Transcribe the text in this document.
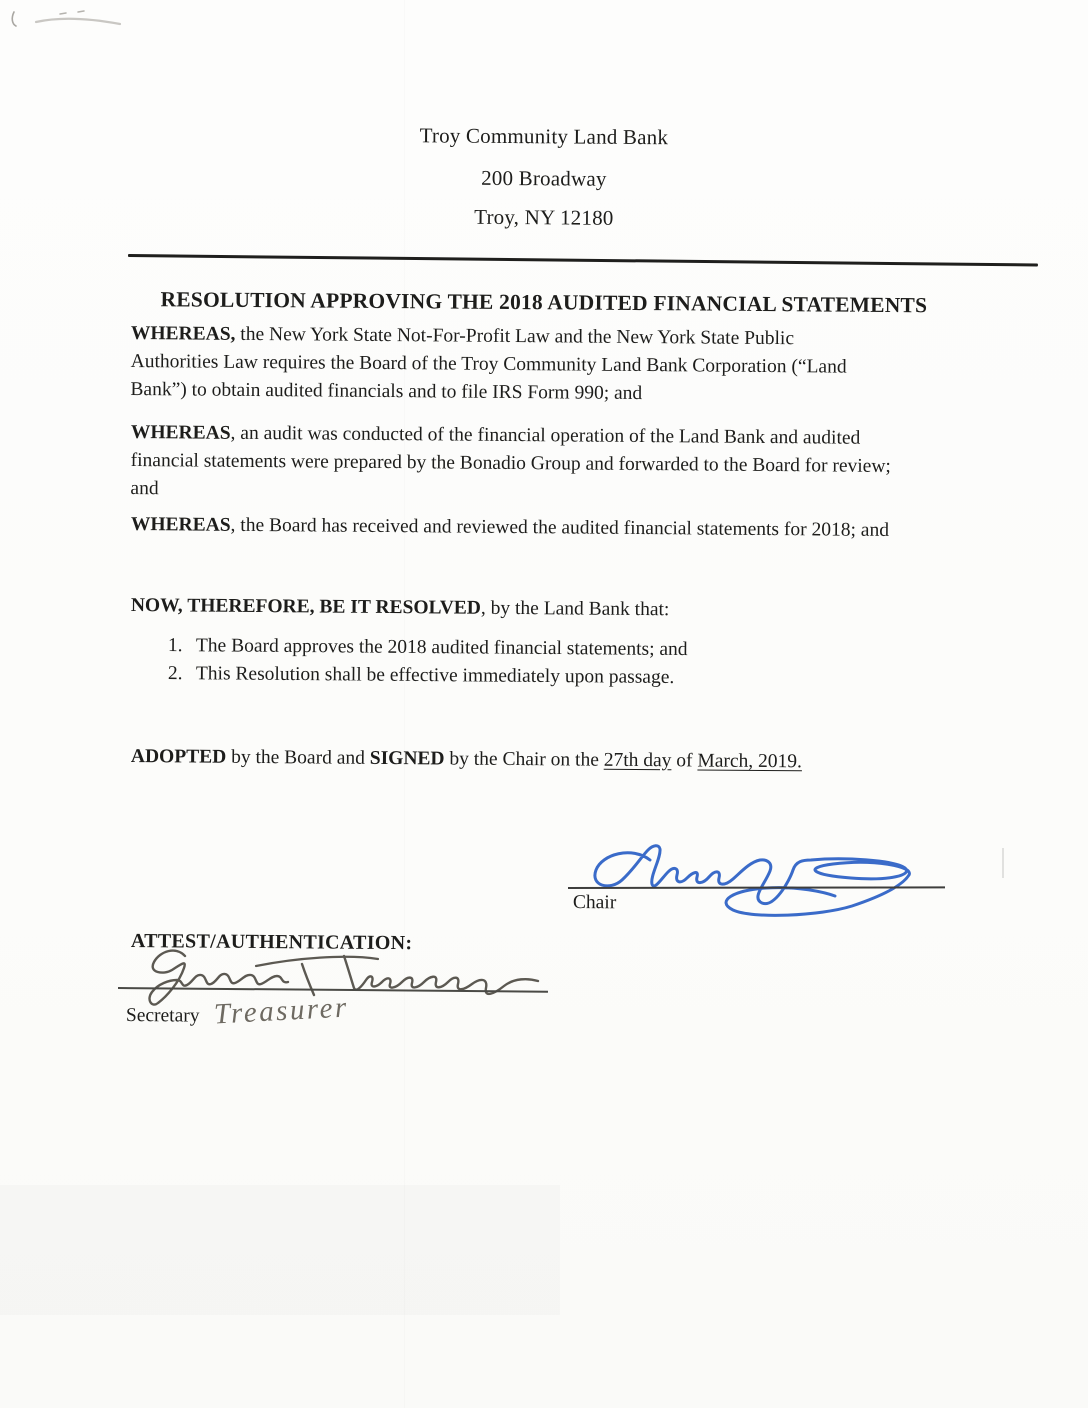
Troy Community Land Bank
200 Broadway
Troy, NY 12180
RESOLUTION APPROVING THE 2018 AUDITED FINANCIAL STATEMENTS
WHEREAS, the New York State Not-For-Profit Law and the New York State Public
Authorities Law requires the Board of the Troy Community Land Bank Corporation (“Land
Bank”) to obtain audited financials and to file IRS Form 990; and
WHEREAS, an audit was conducted of the financial operation of the Land Bank and audited
financial statements were prepared by the Bonadio Group and forwarded to the Board for review;
and
WHEREAS, the Board has received and reviewed the audited financial statements for 2018; and
NOW, THEREFORE, BE IT RESOLVED, by the Land Bank that:
1. The Board approves the 2018 audited financial statements; and
2. This Resolution shall be effective immediately upon passage.
ADOPTED by the Board and SIGNED by the Chair on the 27th day of March, 2019.
Chair
ATTEST/AUTHENTICATION:
Secretary Treasurer
